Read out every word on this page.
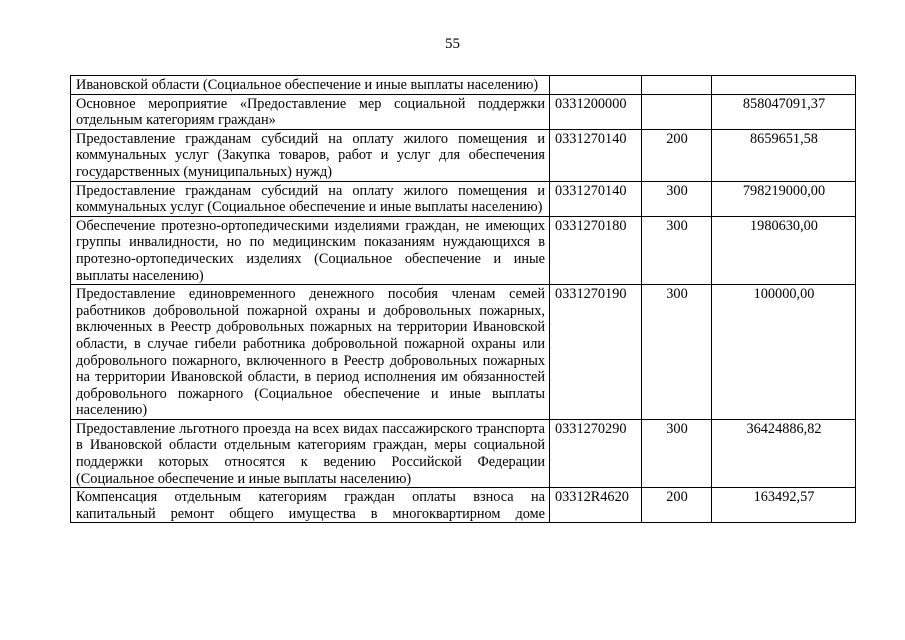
55
Ивановской области (Социальное обеспечение и иные выплаты населению)			
Основное мероприятие «Предоставление мер социальной поддержки отдельным категориям граждан»	0331200000		858047091,37
Предоставление гражданам субсидий на оплату жилого помещения и коммунальных услуг (Закупка товаров, работ и услуг для обеспечения государственных (муниципальных) нужд)	0331270140	200	8659651,58
Предоставление гражданам субсидий на оплату жилого помещения и коммунальных услуг (Социальное обеспечение и иные выплаты населению)	0331270140	300	798219000,00
Обеспечение протезно-ортопедическими изделиями граждан, не имеющих группы инвалидности, но по медицинским показаниям нуждающихся в протезно-ортопедических изделиях (Социальное обеспечение и иные выплаты населению)	0331270180	300	1980630,00
Предоставление единовременного денежного пособия членам семей работников добровольной пожарной охраны и добровольных пожарных, включенных в Реестр добровольных пожарных на территории Ивановской области, в случае гибели работника добровольной пожарной охраны или добровольного пожарного, включенного в Реестр добровольных пожарных на территории Ивановской области, в период исполнения им обязанностей добровольного пожарного (Социальное обеспечение и иные выплаты населению)	0331270190	300	100000,00
Предоставление льготного проезда на всех видах пассажирского транспорта в Ивановской области отдельным категориям граждан, меры социальной поддержки которых относятся к ведению Российской Федерации (Социальное обеспечение и иные выплаты населению)	0331270290	300	36424886,82
Компенсация отдельным категориям граждан оплаты взноса на капитальный ремонт общего имущества в многоквартирном доме	03312R4620	200	163492,57
